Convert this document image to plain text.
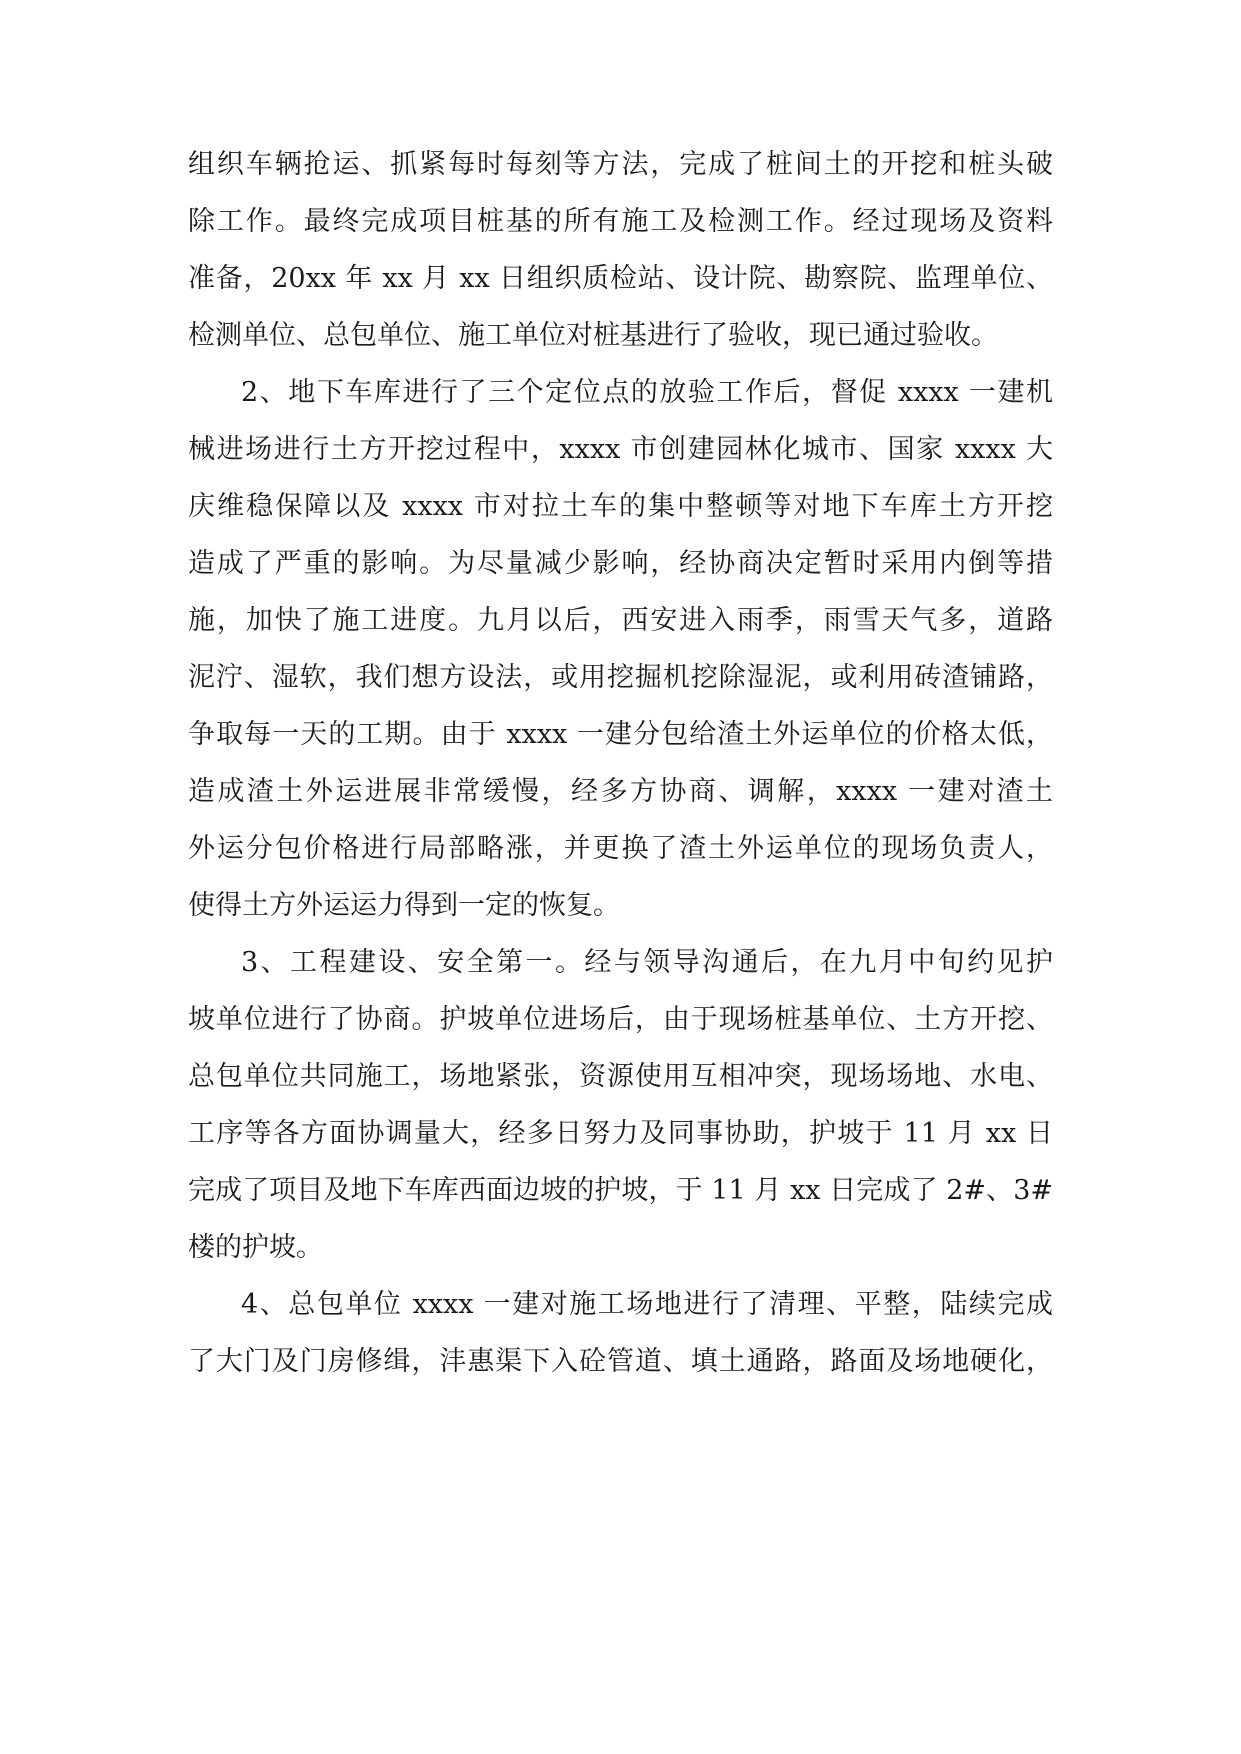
组织车辆抢运、抓紧每时每刻等方法，完成了桩间土的开挖和桩头破
除工作。最终完成项目桩基的所有施工及检测工作。经过现场及资料
准备，20xx 年 xx 月 xx 日组织质检站、设计院、勘察院、监理单位、
检测单位、总包单位、施工单位对桩基进行了验收，现已通过验收。
2、地下车库进行了三个定位点的放验工作后，督促 xxxx 一建机
械进场进行土方开挖过程中，xxxx 市创建园林化城市、国家 xxxx 大
庆维稳保障以及 xxxx 市对拉土车的集中整顿等对地下车库土方开挖
造成了严重的影响。为尽量减少影响，经协商决定暂时采用内倒等措
施，加快了施工进度。九月以后，西安进入雨季，雨雪天气多，道路
泥泞、湿软，我们想方设法，或用挖掘机挖除湿泥，或利用砖渣铺路，
争取每一天的工期。由于 xxxx 一建分包给渣土外运单位的价格太低，
造成渣土外运进展非常缓慢，经多方协商、调解，xxxx 一建对渣土
外运分包价格进行局部略涨，并更换了渣土外运单位的现场负责人，
使得土方外运运力得到一定的恢复。
3、工程建设、安全第一。经与领导沟通后，在九月中旬约见护
坡单位进行了协商。护坡单位进场后，由于现场桩基单位、土方开挖、
总包单位共同施工，场地紧张，资源使用互相冲突，现场场地、水电、
工序等各方面协调量大，经多日努力及同事协助，护坡于 11 月 xx 日
完成了项目及地下车库西面边坡的护坡，于 11 月 xx 日完成了 2#、3#
楼的护坡。
4、总包单位 xxxx 一建对施工场地进行了清理、平整，陆续完成
了大门及门房修缉，沣惠渠下入砼管道、填土通路，路面及场地硬化，
